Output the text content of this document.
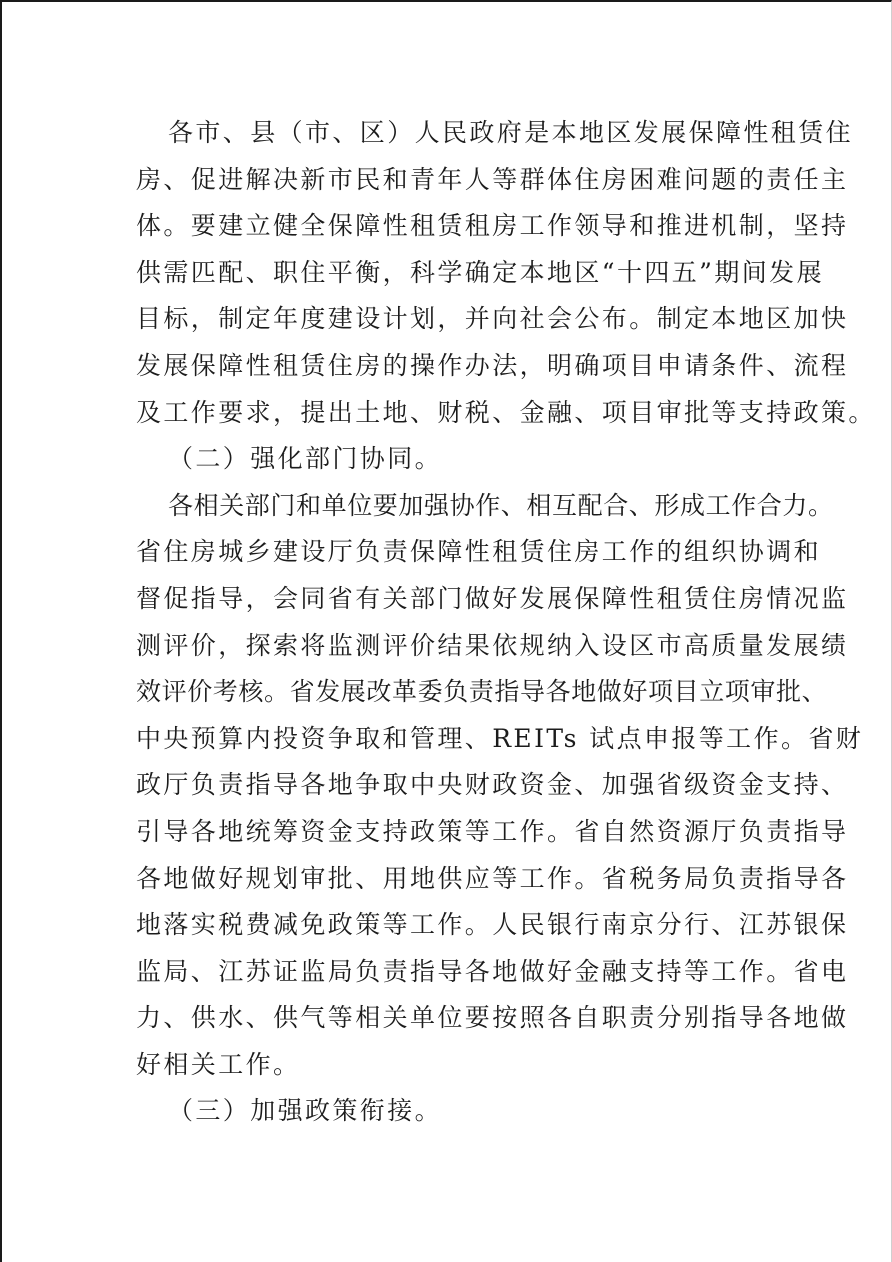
各市、县（市、区）人民政府是本地区发展保障性租赁住
房、促进解决新市民和青年人等群体住房困难问题的责任主
体。要建立健全保障性租赁租房工作领导和推进机制，坚持
供需匹配、职住平衡，科学确定本地区“十四五”期间发展
目标，制定年度建设计划，并向社会公布。制定本地区加快
发展保障性租赁住房的操作办法，明确项目申请条件、流程
及工作要求，提出土地、财税、金融、项目审批等支持政策。
（二）强化部门协同。
各相关部门和单位要加强协作、相互配合、形成工作合力。
省住房城乡建设厅负责保障性租赁住房工作的组织协调和
督促指导，会同省有关部门做好发展保障性租赁住房情况监
测评价，探索将监测评价结果依规纳入设区市高质量发展绩
效评价考核。省发展改革委负责指导各地做好项目立项审批、
中央预算内投资争取和管理、REITs 试点申报等工作。省财
政厅负责指导各地争取中央财政资金、加强省级资金支持、
引导各地统筹资金支持政策等工作。省自然资源厅负责指导
各地做好规划审批、用地供应等工作。省税务局负责指导各
地落实税费减免政策等工作。人民银行南京分行、江苏银保
监局、江苏证监局负责指导各地做好金融支持等工作。省电
力、供水、供气等相关单位要按照各自职责分别指导各地做
好相关工作。
（三）加强政策衔接。
